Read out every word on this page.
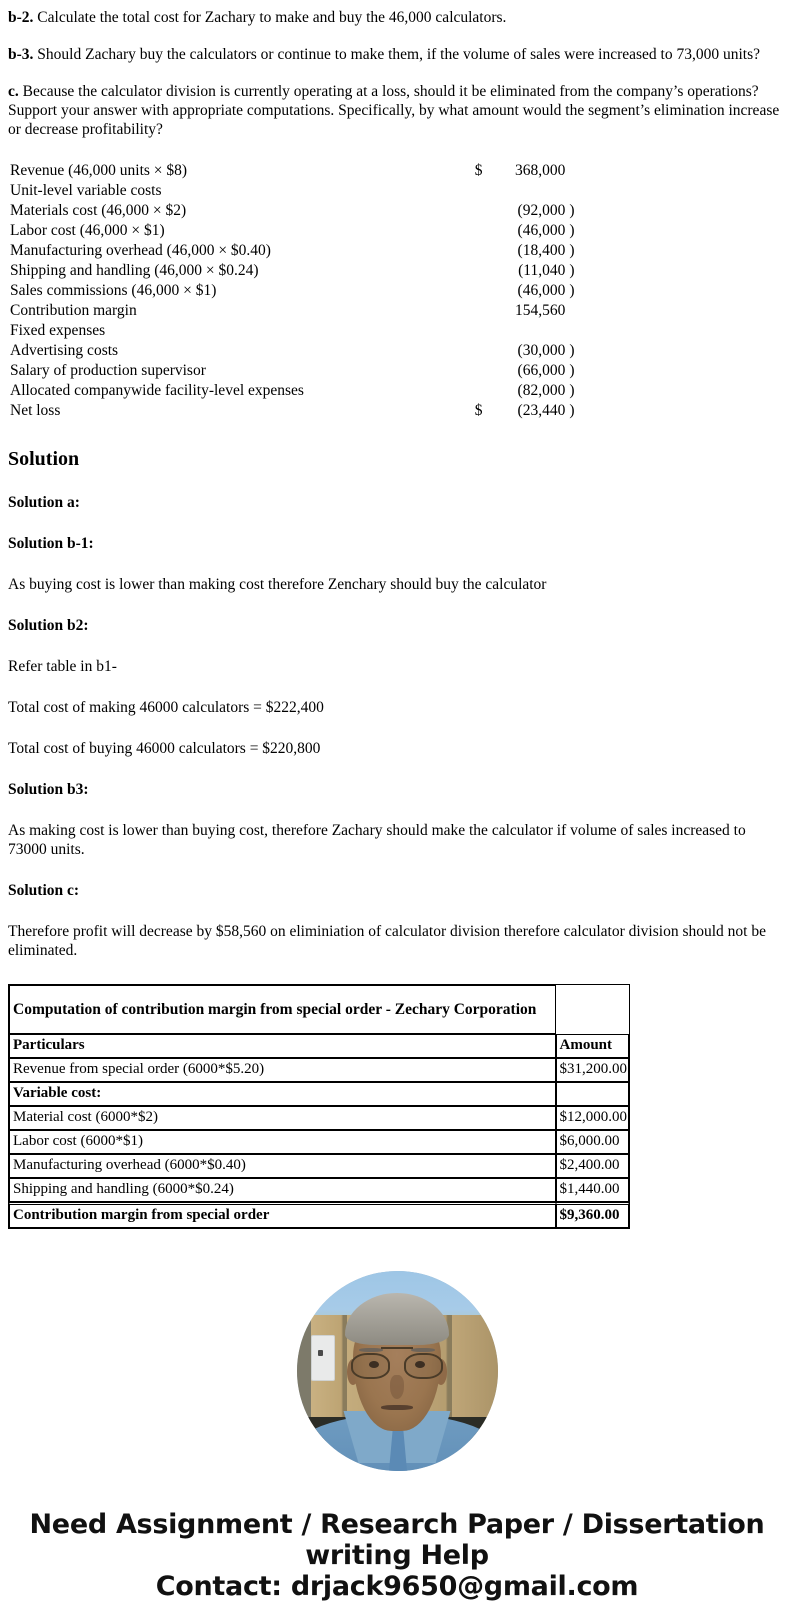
b-2. Calculate the total cost for Zachary to make and buy the 46,000 calculators.

b-3. Should Zachary buy the calculators or continue to make them, if the volume of sales were increased to 73,000 units?

c. Because the calculator division is currently operating at a loss, should it be eliminated from the company’s operations? Support your answer with appropriate computations. Specifically, by what amount would the segment’s elimination increase or decrease profitability?

Revenue (46,000 units × $8)	$	368,000	
Unit-level variable costs			
Materials cost (46,000 × $2)		(92,000	)
Labor cost (46,000 × $1)		(46,000	)
Manufacturing overhead (46,000 × $0.40)		(18,400	)
Shipping and handling (46,000 × $0.24)		(11,040	)
Sales commissions (46,000 × $1)		(46,000	)
Contribution margin		154,560	
Fixed expenses			
Advertising costs		(30,000	)
Salary of production supervisor		(66,000	)
Allocated companywide facility-level expenses		(82,000	)
Net loss	$	(23,440	)
Solution
Solution a:
Solution b-1:

As buying cost is lower than making cost therefore Zenchary should buy the calculator

Solution b2:

Refer table in b1-

Total cost of making 46000 calculators = $222,400

Total cost of buying 46000 calculators = $220,800

Solution b3:

As making cost is lower than buying cost, therefore Zachary should make the calculator if volume of sales increased to 73000 units.

Solution c:

Therefore profit will decrease by $58,560 on eliminiation of calculator division therefore calculator division should not be eliminated.

Computation of contribution margin from special order - Zechary Corporation	
Particulars	Amount
Revenue from special order (6000*$5.20)	$31,200.00
Variable cost:	
Material cost (6000*$2)	$12,000.00
Labor cost (6000*$1)	$6,000.00
Manufacturing overhead (6000*$0.40)	$2,400.00
Shipping and handling (6000*$0.24)	$1,440.00
Contribution margin from special order	$9,360.00
Need Assignment / Research Paper / Dissertation writing Help
Contact: drjack9650@gmail.com
